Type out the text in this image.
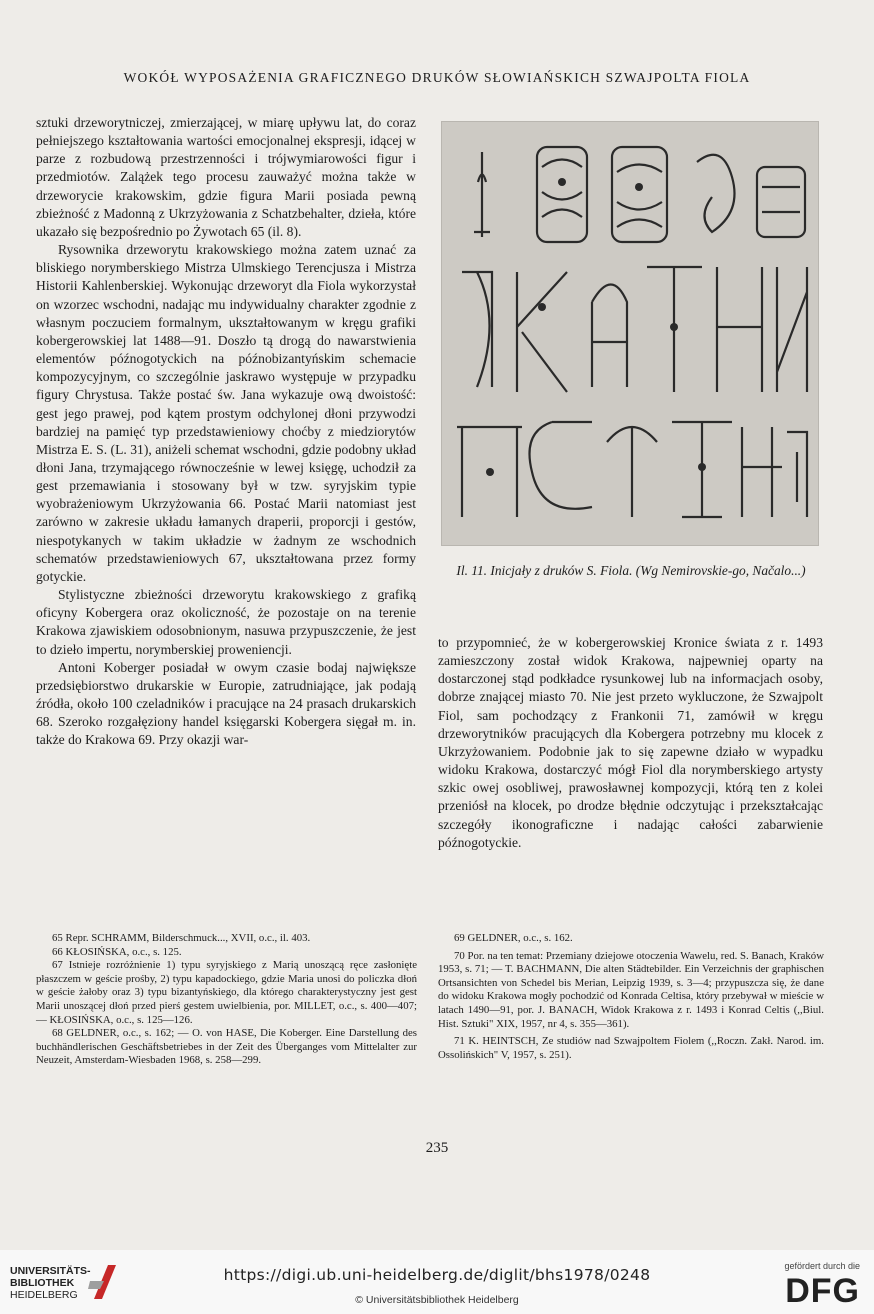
WOKÓŁ WYPOSAŻENIA GRAFICZNEGO DRUKÓW SŁOWIAŃSKICH SZWAJPOLTA FIOLA

sztuki drzeworytniczej, zmierzającej, w miarę upływu lat, do coraz pełniejszego kształtowania wartości emocjonalnej ekspresji, idącej w parze z rozbudową przestrzenności i trójwymiarowości figur i przedmiotów. Zalążek tego procesu zauważyć można także w drzeworycie krakowskim, gdzie figura Marii posiada pewną zbieżność z Madonną z Ukrzyżowania z Schatzbehalter, dzieła, które ukazało się bezpośrednio po Żywotach 65 (il. 8).

Rysownika drzeworytu krakowskiego można zatem uznać za bliskiego norymberskiego Mistrza Ulmskiego Terencjusza i Mistrza Historii Kahlenberskiej. Wykonując drzeworyt dla Fiola wykorzystał on wzorzec wschodni, nadając mu indywidualny charakter zgodnie z własnym poczuciem formalnym, ukształtowanym w kręgu grafiki kobergerowskiej lat 1488—91. Doszło tą drogą do nawarstwienia elementów późnogotyckich na późnobizantyńskim schemacie kompozycyjnym, co szczególnie jaskrawo występuje w przypadku figury Chrystusa. Także postać św. Jana wykazuje ową dwoistość: gest jego prawej, pod kątem prostym odchylonej dłoni przywodzi bardziej na pamięć typ przedstawieniowy choćby z miedziorytów Mistrza E. S. (L. 31), aniżeli schemat wschodni, gdzie podobny układ dłoni Jana, trzymającego równocześnie w lewej księgę, uchodził za gest przemawiania i stosowany był w tzw. syryjskim typie wyobrażeniowym Ukrzyżowania 66. Postać Marii natomiast jest zarówno w zakresie układu łamanych draperii, proporcji i gestów, niespotykanych w takim układzie w żadnym ze wschodnich schematów przedstawieniowych 67, ukształtowana przez formy gotyckie.

Stylistyczne zbieżności drzeworytu krakowskiego z grafiką oficyny Kobergera oraz okoliczność, że pozostaje on na terenie Krakowa zjawiskiem odosobnionym, nasuwa przypuszczenie, że jest to dzieło impertu, norymberskiej proweniencji.

Antoni Koberger posiadał w owym czasie bodaj największe przedsiębiorstwo drukarskie w Europie, zatrudniające, jak podają źródła, około 100 czeladników i pracujące na 24 prasach drukarskich 68. Szeroko rozgałęziony handel księgarski Kobergera sięgał m. in. także do Krakowa 69. Przy okazji war-

Il. 11. Inicjały z druków S. Fiola. (Wg Nemirovskie-go, Načalo...)

to przypomnieć, że w kobergerowskiej Kronice świata z r. 1493 zamieszczony został widok Krakowa, najpewniej oparty na dostarczonej stąd podkładce rysunkowej lub na informacjach osoby, dobrze znającej miasto 70. Nie jest przeto wykluczone, że Szwajpolt Fiol, sam pochodzący z Frankonii 71, zamówił w kręgu drzeworytników pracujących dla Kobergera potrzebny mu klocek z Ukrzyżowaniem. Podobnie jak to się zapewne działo w wypadku widoku Krakowa, dostarczyć mógł Fiol dla norymberskiego artysty szkic owej osobliwej, prawosławnej kompozycji, którą ten z kolei przeniósł na klocek, po drodze błędnie odczytując i przekształcając szczegóły ikonograficzne i nadając całości zabarwienie późnogotyckie.

65 Repr. SCHRAMM, Bilderschmuck..., XVII, o.c., il. 403.

66 KŁOSIŃSKA, o.c., s. 125.

67 Istnieje rozróżnienie 1) typu syryjskiego z Marią unoszącą ręce zasłonięte płaszczem w geście prośby, 2) typu kapadockiego, gdzie Maria unosi do policzka dłoń w geście żałoby oraz 3) typu bizantyńskiego, dla którego charakterystyczny jest gest Marii unoszącej dłoń przed pierś gestem uwielbienia, por. MILLET, o.c., s. 400—407; — KŁOSIŃSKA, o.c., s. 125—126.

68 GELDNER, o.c., s. 162; — O. von HASE, Die Koberger. Eine Darstellung des buchhändlerischen Geschäftsbetriebes in der Zeit des Überganges vom Mittelalter zur Neuzeit, Amsterdam-Wiesbaden 1968, s. 258—299.

69 GELDNER, o.c., s. 162.

70 Por. na ten temat: Przemiany dziejowe otoczenia Wawelu, red. S. Banach, Kraków 1953, s. 71; — T. BACHMANN, Die alten Städtebilder. Ein Verzeichnis der graphischen Ortsansichten von Schedel bis Merian, Leipzig 1939, s. 3—4; przypuszcza się, że dane do widoku Krakowa mogły pochodzić od Konrada Celtisa, który przebywał w mieście w latach 1490—91, por. J. BANACH, Widok Krakowa z r. 1493 i Konrad Celtis (,,Biul. Hist. Sztuki" XIX, 1957, nr 4, s. 355—361).

71 K. HEINTSCH, Ze studiów nad Szwajpoltem Fiolem (,,Roczn. Zakł. Narod. im. Ossolińskich" V, 1957, s. 251).

235
UNIVERSITÄTS-
BIBLIOTHEK
HEIDELBERG
https://digi.ub.uni-heidelberg.de/diglit/bhs1978/0248
© Universitätsbibliothek Heidelberg
gefördert durch die
DFG
